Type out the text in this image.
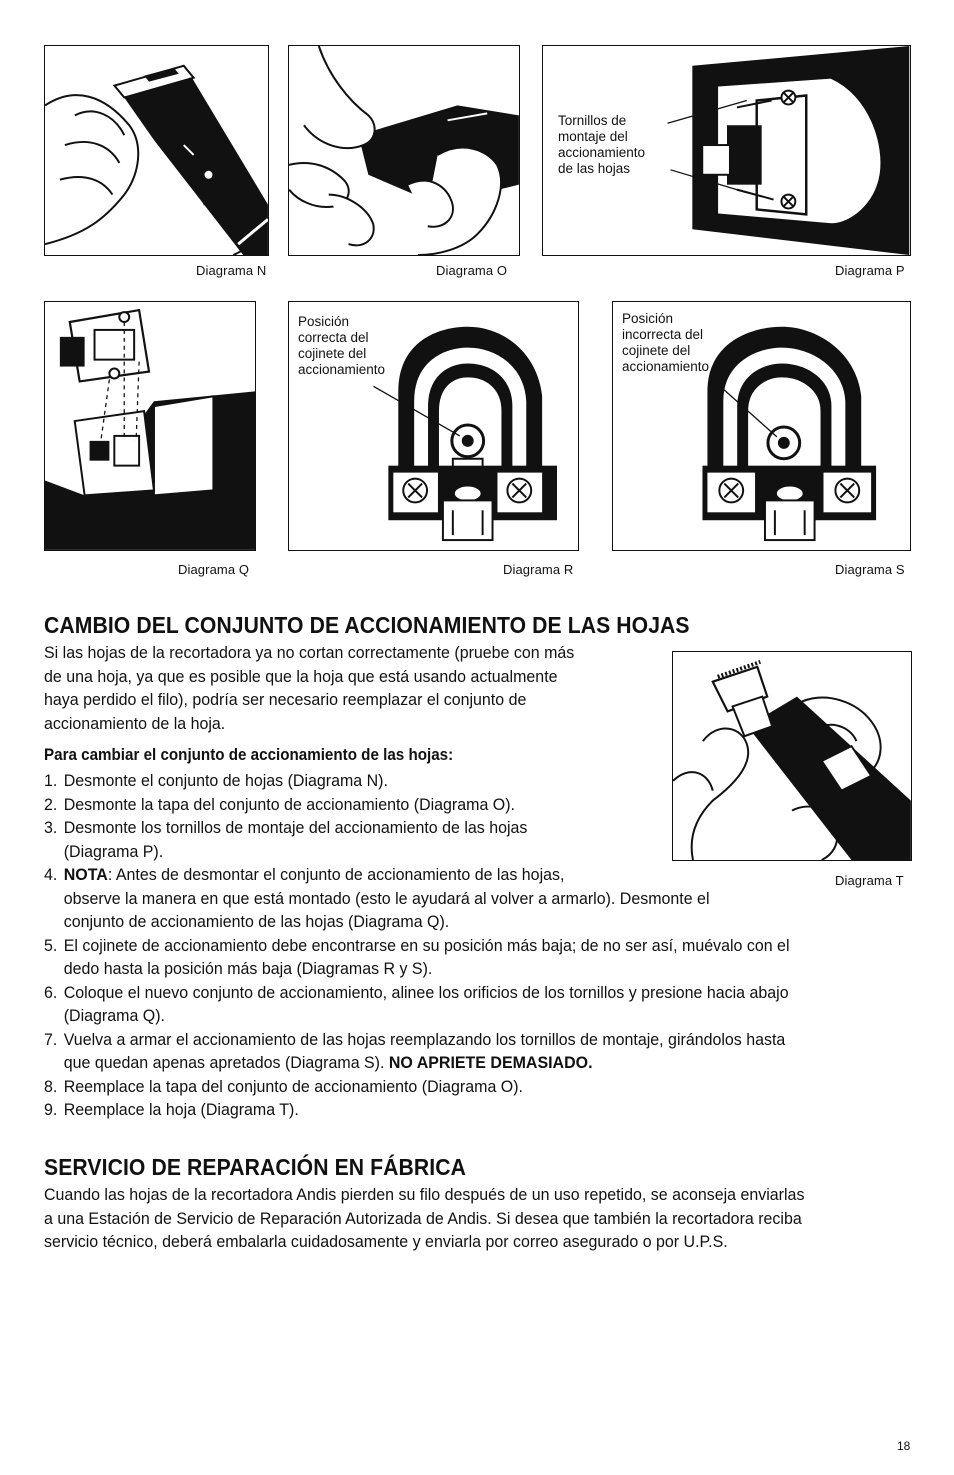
Diagrama N	Diagrama O
Tornillos de
montaje del
accionamiento
de las hojas
Diagrama P
Diagrama Q
Posición
correcta del
cojinete del
accionamiento
Diagrama R
Posición
incorrecta del
cojinete del
accionamiento
Diagrama S
CAMBIO DEL CONJUNTO DE ACCIONAMIENTO DE LAS HOJAS
Si las hojas de la recortadora ya no cortan correctamente (pruebe con más
de una hoja, ya que es posible que la hoja que está usando actualmente
haya perdido el filo), podría ser necesario reemplazar el conjunto de
accionamiento de la hoja.
Diagrama T
Para cambiar el conjunto de accionamiento de las hojas:
1. Desmonte el conjunto de hojas (Diagrama N).
2. Desmonte la tapa del conjunto de accionamiento (Diagrama O).
3. Desmonte los tornillos de montaje del accionamiento de las hojas
(Diagrama P).
4. NOTA: Antes de desmontar el conjunto de accionamiento de las hojas,
observe la manera en que está montado (esto le ayudará al volver a armarlo). Desmonte el
conjunto de accionamiento de las hojas (Diagrama Q).
5. El cojinete de accionamiento debe encontrarse en su posición más baja; de no ser así, muévalo con el
dedo hasta la posición más baja (Diagramas R y S).
6. Coloque el nuevo conjunto de accionamiento, alinee los orificios de los tornillos y presione hacia abajo
(Diagrama Q).
7. Vuelva a armar el accionamiento de las hojas reemplazando los tornillos de montaje, girándolos hasta
que quedan apenas apretados (Diagrama S). NO APRIETE DEMASIADO.
8. Reemplace la tapa del conjunto de accionamiento (Diagrama O).
9. Reemplace la hoja (Diagrama T).
SERVICIO DE REPARACIÓN EN FÁBRICA
Cuando las hojas de la recortadora Andis pierden su filo después de un uso repetido, se aconseja enviarlas
a una Estación de Servicio de Reparación Autorizada de Andis. Si desea que también la recortadora reciba
servicio técnico, deberá embalarla cuidadosamente y enviarla por correo asegurado o por U.P.S.
18
